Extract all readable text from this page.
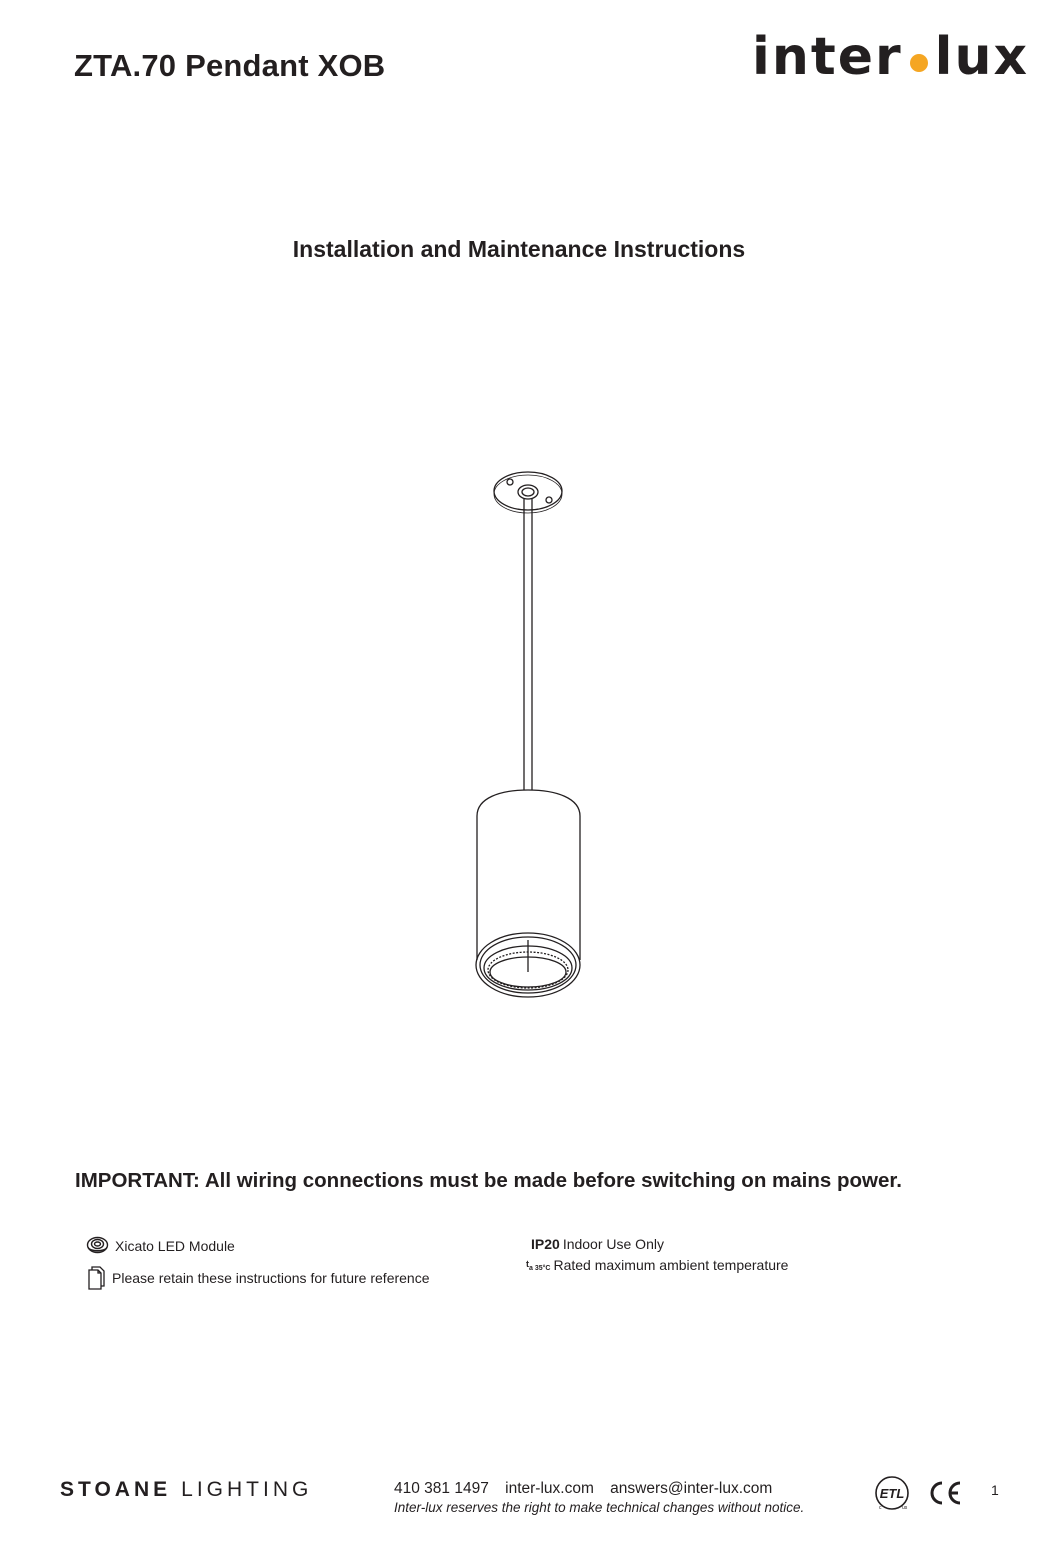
ZTA.70 Pendant XOB	inter lux
Installation and Maintenance Instructions
IMPORTANT: All wiring connections must be made before switching on mains power.
Xicato LED Module
Please retain these instructions for future reference
IP20 Indoor Use Only
$t_{a 35^\circ C}$ Rated maximum ambient temperature
STOANE LIGHTING	410 381 1497 inter-lux.com answers@inter-lux.com
Inter-lux reserves the right to make technical changes without notice.
ETL
c	us
1
